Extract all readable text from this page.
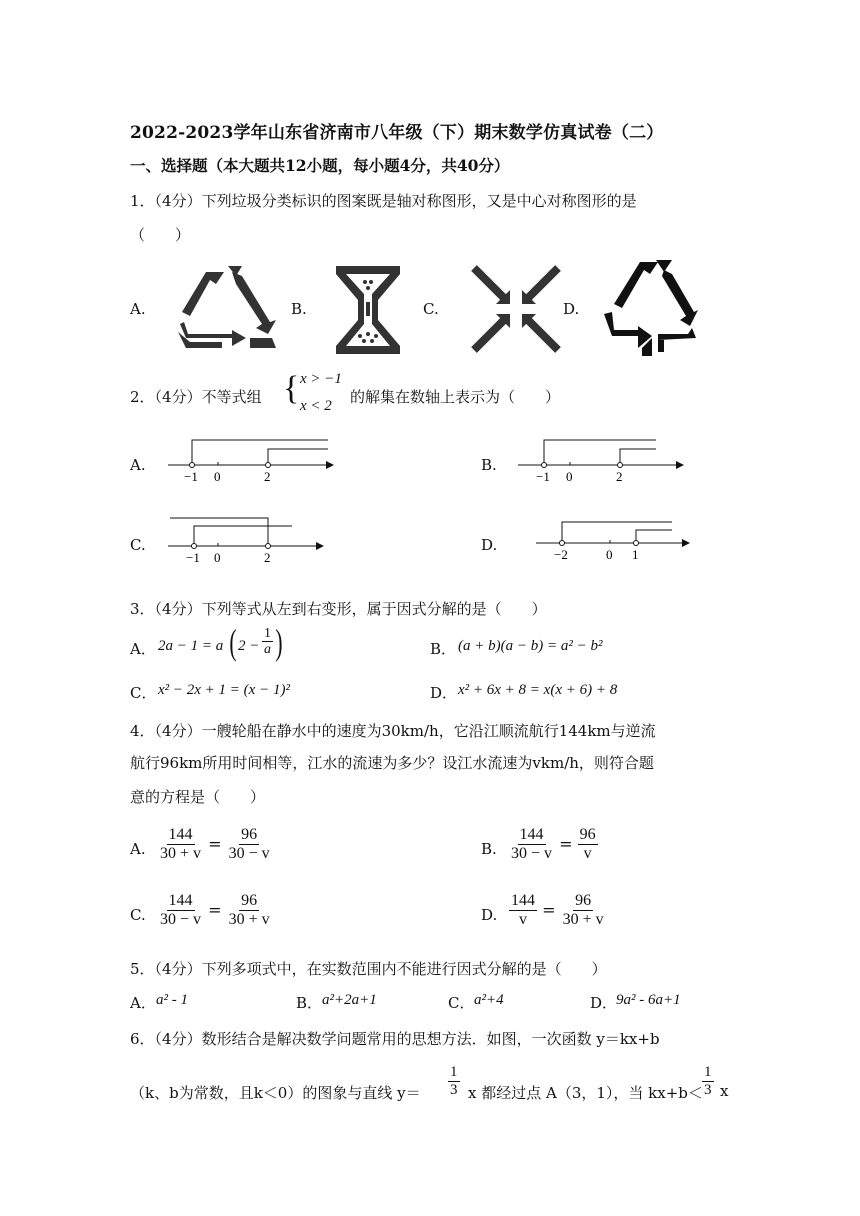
2022-2023学年山东省济南市八年级（下）期末数学仿真试卷（二）
一、选择题（本大题共12小题，每小题4分，共40分）
1．（4分）下列垃圾分类标识的图案既是轴对称图形，又是中心对称图形的是
（　　）
A.	B.	C.	D.
2．（4分）不等式组 { x > −1
x < 2 的解集在数轴上表示为（　　）
A.	B.
C.	D.
−1 0	2	−1 0	2
−1 0	2	−2	0 1
3．（4分）下列等式从左到右变形，属于因式分解的是（　　）
A． 2a − 1 = a ( $2 - \frac{1}{a}$ )	B． (a + b)(a − b) = a² − b²
C． x² − 2x + 1 = (x − 1)²	D． x² + 6x + 8 = x(x + 6) + 8
4．（4分）一艘轮船在静水中的速度为30km/h，它沿江顺流航行144km与逆流
航行96km所用时间相等，江水的流速为多少？设江水流速为vkm/h，则符合题
意的方程是（　　）
A. $\frac{144}{30 + v} = \frac{96}{30 - v}$	B. $\frac{144}{30 - v} = \frac{96}{v}$
C. $\frac{144}{30 - v} = \frac{96}{30 + v}$	D. $\frac{144}{v} = \frac{96}{30 + v}$
5．（4分）下列多项式中，在实数范围内不能进行因式分解的是（　　）
A． a² - 1	B． a²+2a+1	C． a²+4	D．
9a² - 6a+1
6．（4分）数形结合是解决数学问题常用的思想方法．如图，一次函数 y＝kx+b
（k、b为常数，且k＜0）的图象与直线 $y= \frac{1}{3}$ x 都经过点 A（3，1），当 $kx+b< \frac{1}{3}$ x
